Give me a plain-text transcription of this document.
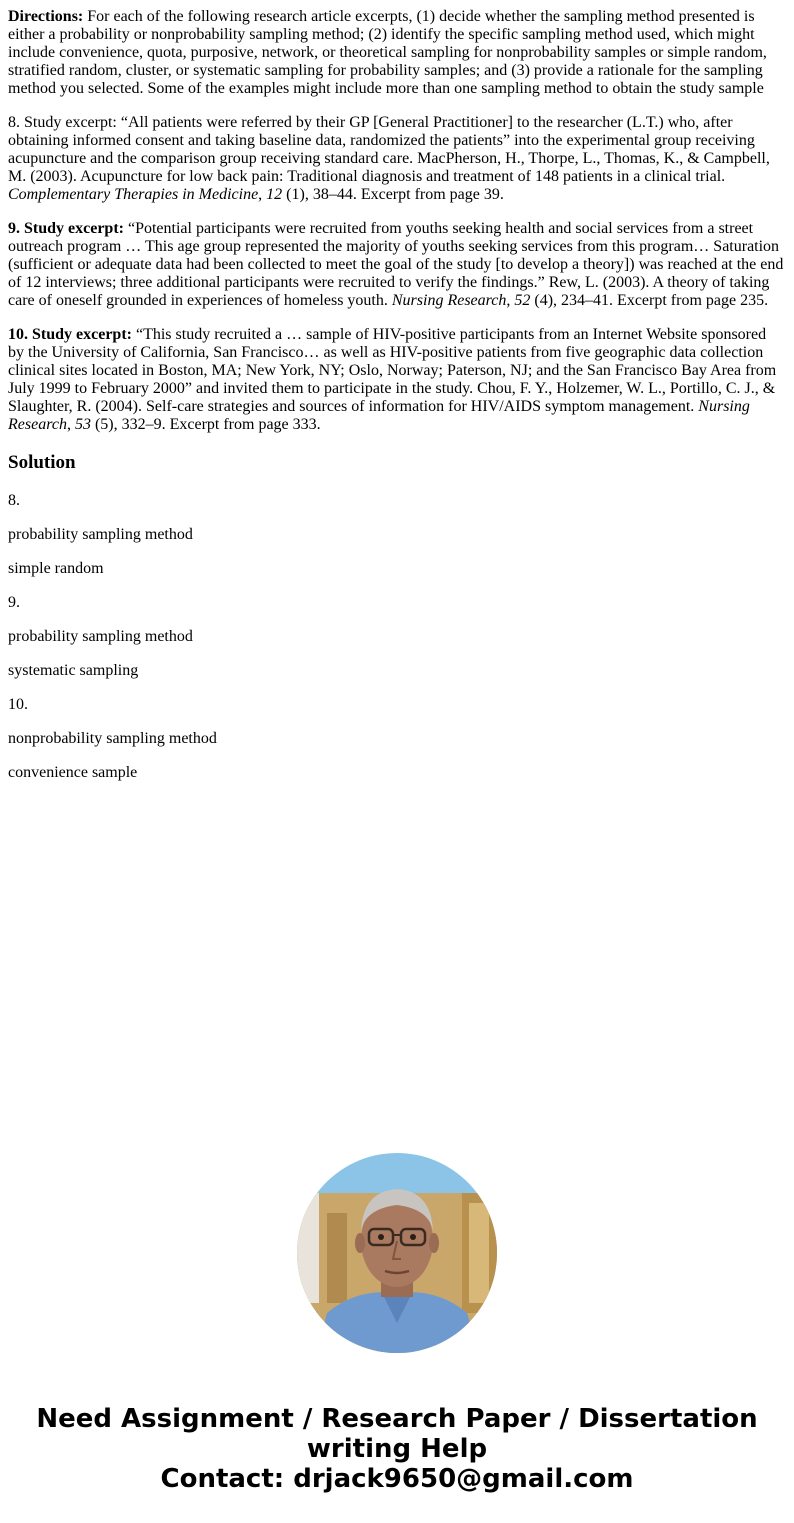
Directions: For each of the following research article excerpts, (1) decide whether the sampling method presented is either a probability or nonprobability sampling method; (2) identify the specific sampling method used, which might include convenience, quota, purposive, network, or theoretical sampling for nonprobability samples or simple random, stratified random, cluster, or systematic sampling for probability samples; and (3) provide a rationale for the sampling method you selected. Some of the examples might include more than one sampling method to obtain the study sample

8. Study excerpt: “All patients were referred by their GP [General Practitioner] to the researcher (L.T.) who, after obtaining informed consent and taking baseline data, randomized the patients” into the experimental group receiving acupuncture and the comparison group receiving standard care. MacPherson, H., Thorpe, L., Thomas, K., & Campbell, M. (2003). Acupuncture for low back pain: Traditional diagnosis and treatment of 148 patients in a clinical trial. Complementary Therapies in Medicine, 12 (1), 38–44. Excerpt from page 39.

9. Study excerpt: “Potential participants were recruited from youths seeking health and social services from a street outreach program … This age group represented the majority of youths seeking services from this program… Saturation (sufficient or adequate data had been collected to meet the goal of the study [to develop a theory]) was reached at the end of 12 interviews; three additional participants were recruited to verify the findings.” Rew, L. (2003). A theory of taking care of oneself grounded in experiences of homeless youth. Nursing Research, 52 (4), 234–41. Excerpt from page 235.

10. Study excerpt: “This study recruited a … sample of HIV-positive participants from an Internet Website sponsored by the University of California, San Francisco… as well as HIV-positive patients from five geographic data collection clinical sites located in Boston, MA; New York, NY; Oslo, Norway; Paterson, NJ; and the San Francisco Bay Area from July 1999 to February 2000” and invited them to participate in the study. Chou, F. Y., Holzemer, W. L., Portillo, C. J., & Slaughter, R. (2004). Self-care strategies and sources of information for HIV/AIDS symptom management. Nursing Research, 53 (5), 332–9. Excerpt from page 333.

Solution

8.

probability sampling method

simple random

9.

probability sampling method

systematic sampling

10.

nonprobability sampling method

convenience sample

Need Assignment / Research Paper / Dissertation
writing Help
Contact: drjack9650@gmail.com
